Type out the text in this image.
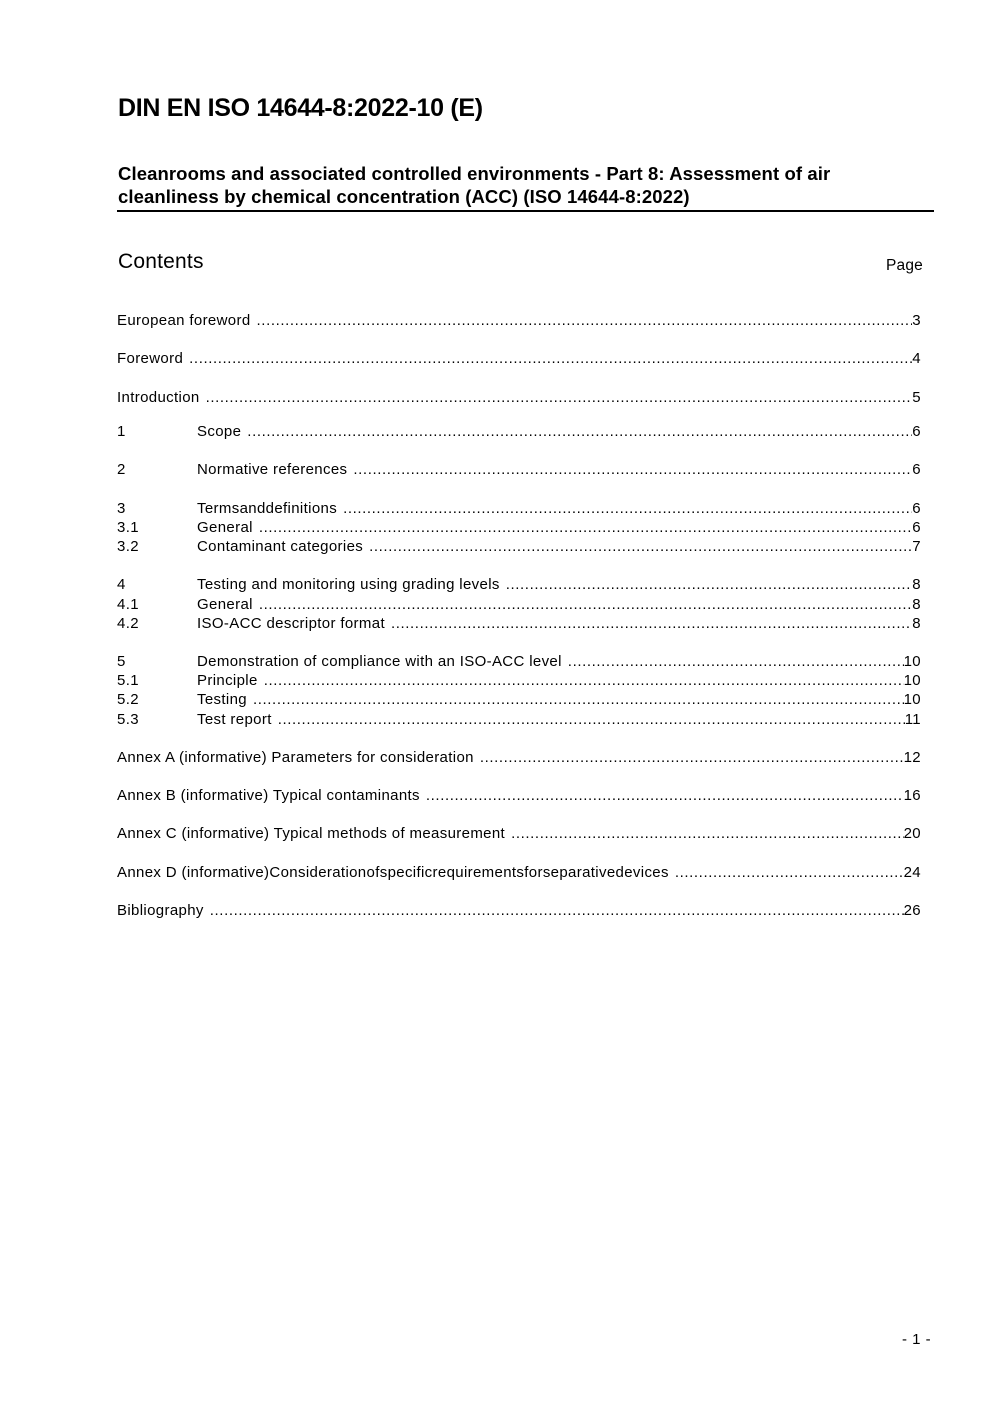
DIN EN ISO 14644-8:2022-10 (E)
Cleanrooms and associated controlled environments - Part 8: Assessment of air
cleanliness by chemical concentration (ACC) (ISO 14644-8:2022)
Contents	Page
European foreword .....	3
Foreword .....	4
Introduction .....	5
1	Scope .....	6
2	Normative references .....	6
3	Termsanddefinitions .....	6
3.1	General .....	6
3.2	Contaminant categories .....	7
4	Testing and monitoring using grading levels .....	8
4.1	General .....	8
4.2	ISO-ACC descriptor format .....	8
5	Demonstration of compliance with an ISO-ACC level .....	10
5.1	Principle .....	10
5.2	Testing .....	10
5.3	Test report .....	11
Annex A (informative) Parameters for consideration .....	12
Annex B (informative) Typical contaminants .....	16
Annex C (informative) Typical methods of measurement .....	20
Annex D (informative)Considerationofspecificrequirementsforseparativedevices .....	24
Bibliography .....	26
- 1 -
